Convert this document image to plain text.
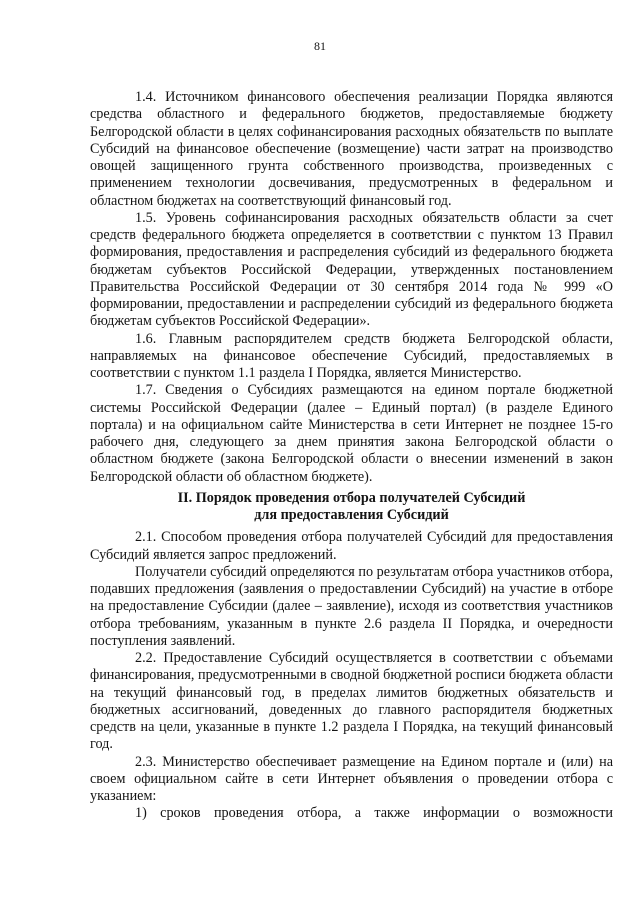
81

1.4. Источником финансового обеспечения реализации Порядка являются средства областного и федерального бюджетов, предоставляемые бюджету Белгородской области в целях софинансирования расходных обязательств по выплате Субсидий на финансовое обеспечение (возмещение) части затрат на производство овощей защищенного грунта собственного производства, произведенных с применением технологии досвечивания, предусмотренных в федеральном и областном бюджетах на соответствующий финансовый год.

1.5. Уровень софинансирования расходных обязательств области за счет средств федерального бюджета определяется в соответствии с пунктом 13 Правил формирования, предоставления и распределения субсидий из федерального бюджета бюджетам субъектов Российской Федерации, утвержденных постановлением Правительства Российской Федерации от 30 сентября 2014 года № 999 «О формировании, предоставлении и распределении субсидий из федерального бюджета бюджетам субъектов Российской Федерации».

1.6. Главным распорядителем средств бюджета Белгородской области, направляемых на финансовое обеспечение Субсидий, предоставляемых в соответствии с пунктом 1.1 раздела I Порядка, является Министерство.

1.7. Сведения о Субсидиях размещаются на едином портале бюджетной системы Российской Федерации (далее – Единый портал) (в разделе Единого портала) и на официальном сайте Министерства в сети Интернет не позднее 15-го рабочего дня, следующего за днем принятия закона Белгородской области о областном бюджете (закона Белгородской области о внесении изменений в закон Белгородской области об областном бюджете).

II. Порядок проведения отбора получателей Субсидий
для предоставления Субсидий

2.1. Способом проведения отбора получателей Субсидий для предоставления Субсидий является запрос предложений.

Получатели субсидий определяются по результатам отбора участников отбора, подавших предложения (заявления о предоставлении Субсидий) на участие в отборе на предоставление Субсидии (далее – заявление), исходя из соответствия участников отбора требованиям, указанным в пункте 2.6 раздела II Порядка, и очередности поступления заявлений.

2.2. Предоставление Субсидий осуществляется в соответствии с объемами финансирования, предусмотренными в сводной бюджетной росписи бюджета области на текущий финансовый год, в пределах лимитов бюджетных обязательств и бюджетных ассигнований, доведенных до главного распорядителя бюджетных средств на цели, указанные в пункте 1.2 раздела I Порядка, на текущий финансовый год.

2.3. Министерство обеспечивает размещение на Едином портале и (или) на своем официальном сайте в сети Интернет объявления о проведении отбора с указанием:

1) сроков проведения отбора, а также информации о возможности
